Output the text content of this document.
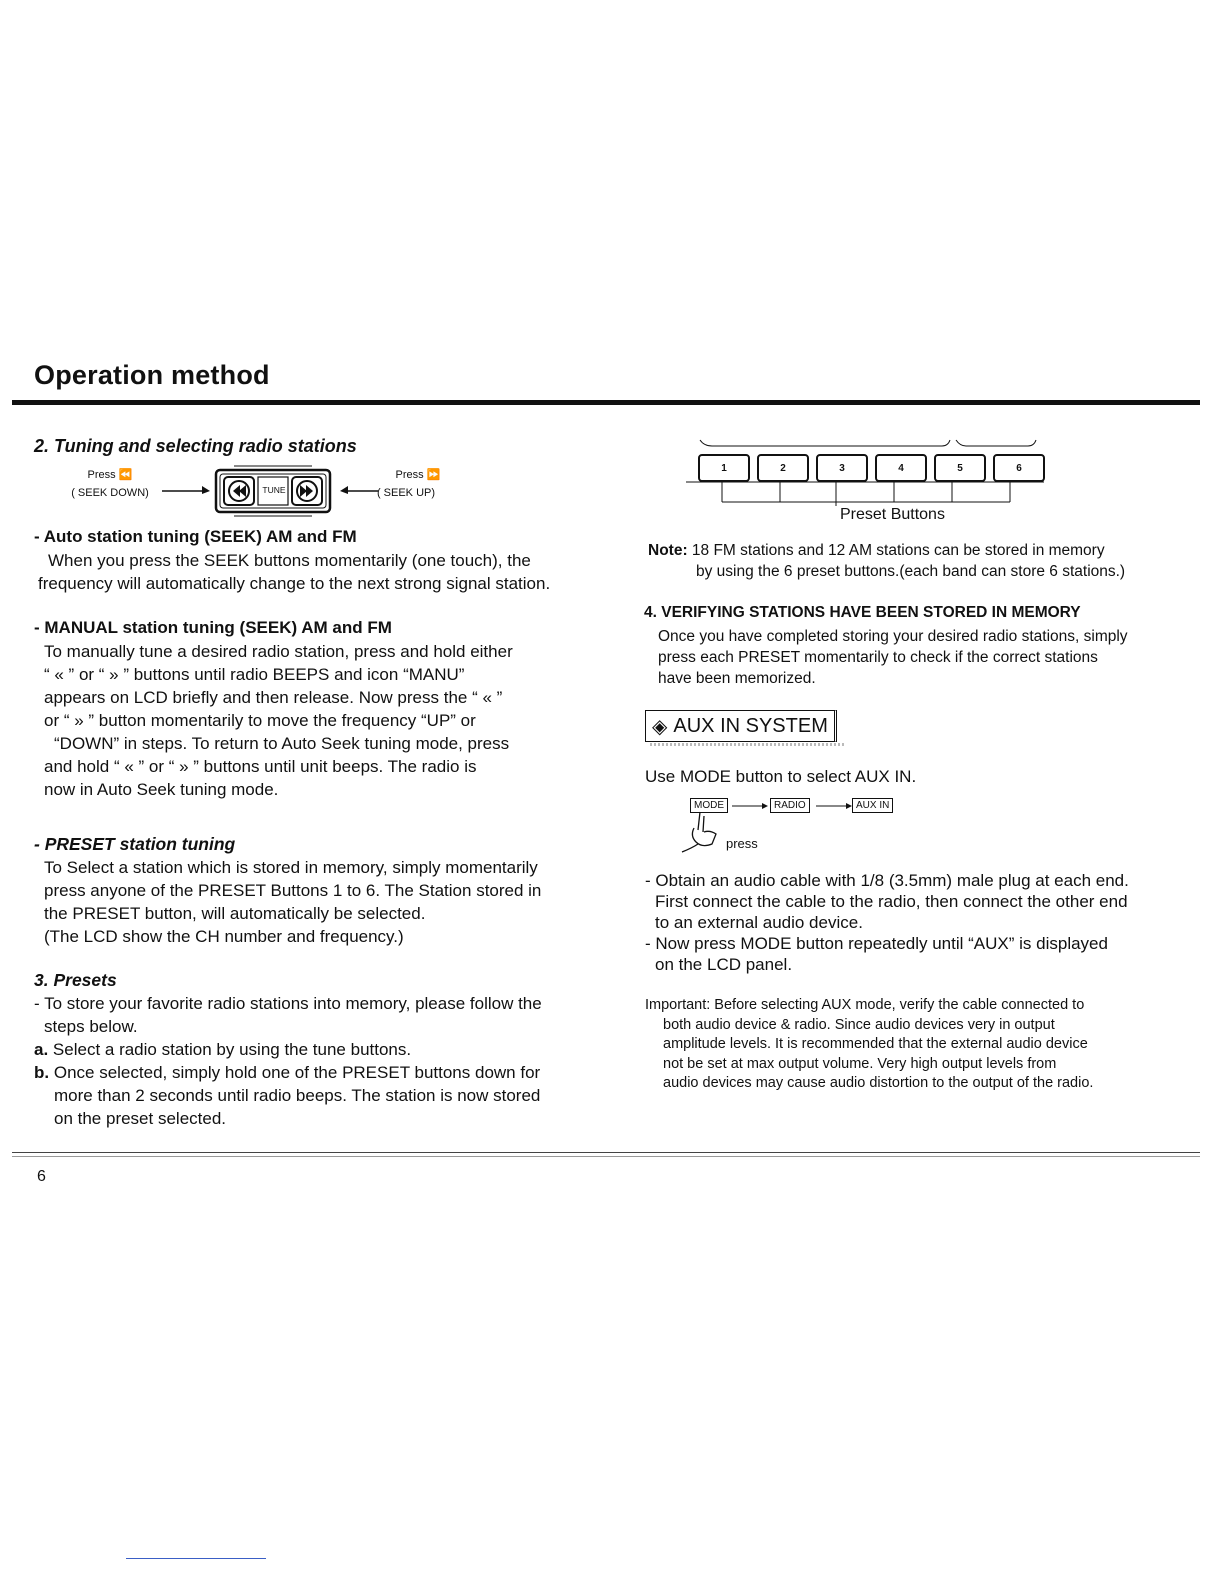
Operation method
2. Tuning and selecting radio stations
Press ⏪
( SEEK DOWN)	TUNE
Press ⏩
( SEEK UP)
- Auto station tuning (SEEK) AM and FM
When you press the SEEK buttons momentarily (one touch), the
frequency will automatically change to the next strong signal station.
- MANUAL station tuning (SEEK) AM and FM
To manually tune a desired radio station, press and hold either
“ « ” or “ » ” buttons until radio BEEPS and icon “MANU”
appears on LCD briefly and then release. Now press the “ « ”
or “ » ” button momentarily to move the frequency “UP” or
“DOWN” in steps. To return to Auto Seek tuning mode, press
and hold “ « ” or “ » ” buttons until unit beeps. The radio is
now in Auto Seek tuning mode.
- PRESET station tuning
To Select a station which is stored in memory, simply momentarily
press anyone of the PRESET Buttons 1 to 6. The Station stored in
the PRESET button, will automatically be selected.
(The LCD show the CH number and frequency.)
3. Presets
- To store your favorite radio stations into memory, please follow the
steps below.
a. Select a radio station by using the tune buttons.
b. Once selected, simply hold one of the PRESET buttons down for
more than 2 seconds until radio beeps. The station is now stored
on the preset selected.
1	2	3	4	5	6
Preset Buttons
Note: 18 FM stations and 12 AM stations can be stored in memory
by using the 6 preset buttons.(each band can store 6 stations.)
4. VERIFYING STATIONS HAVE BEEN STORED IN MEMORY
Once you have completed storing your desired radio stations, simply
press each PRESET momentarily to check if the correct stations
have been memorized.
◈ AUX IN SYSTEM
Use MODE button to select AUX IN.
MODE	RADIO	AUX IN
press
- Obtain an audio cable with 1/8 (3.5mm) male plug at each end.
First connect the cable to the radio, then connect the other end
to an external audio device.
- Now press MODE button repeatedly until “AUX” is displayed
on the LCD panel.
Important: Before selecting AUX mode, verify the cable connected to
both audio device & radio. Since audio devices very in output
amplitude levels. It is recommended that the external audio device
not be set at max output volume. Very high output levels from
audio devices may cause audio distortion to the output of the radio.
6
